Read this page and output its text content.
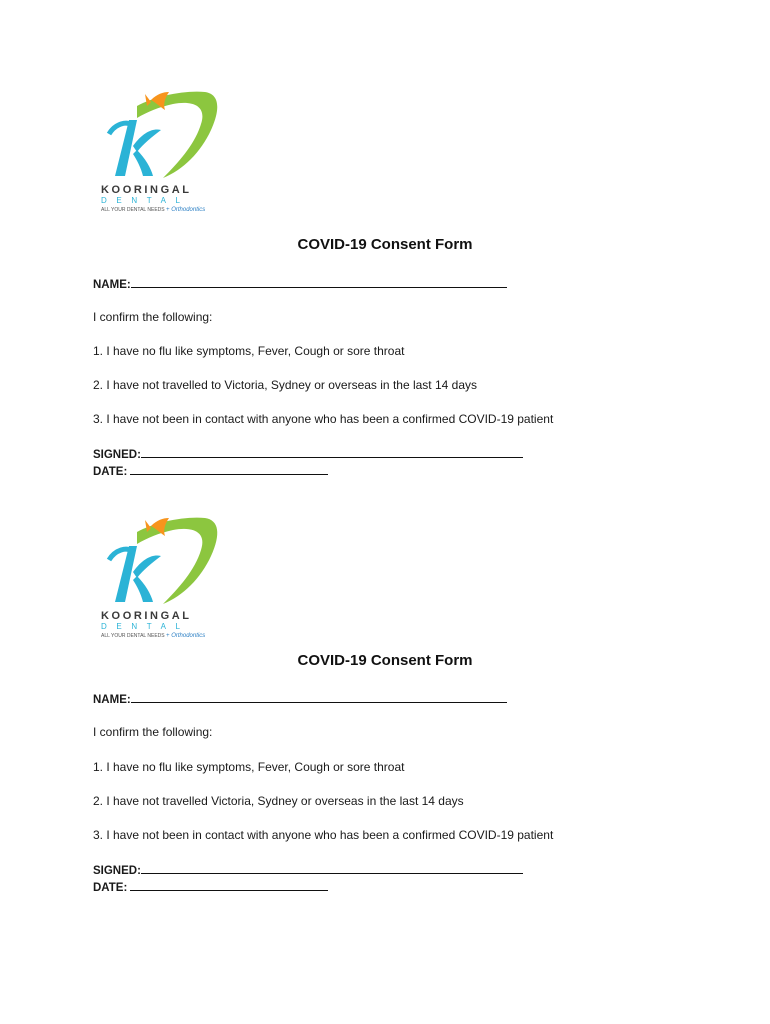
KOORINGAL
DENTAL
ALL YOUR DENTAL NEEDS + Orthodontics
COVID-19 Consent Form
NAME:
I confirm the following:
1. I have no flu like symptoms, Fever, Cough or sore throat
2. I have not travelled to Victoria, Sydney or overseas in the last 14 days
3. I have not been in contact with anyone who has been a confirmed COVID-19 patient
SIGNED:
DATE:
KOORINGAL
DENTAL
ALL YOUR DENTAL NEEDS + Orthodontics
COVID-19 Consent Form
NAME:
I confirm the following:
1. I have no flu like symptoms, Fever, Cough or sore throat
2. I have not travelled Victoria, Sydney or overseas in the last 14 days
3. I have not been in contact with anyone who has been a confirmed COVID-19 patient
SIGNED:
DATE:
